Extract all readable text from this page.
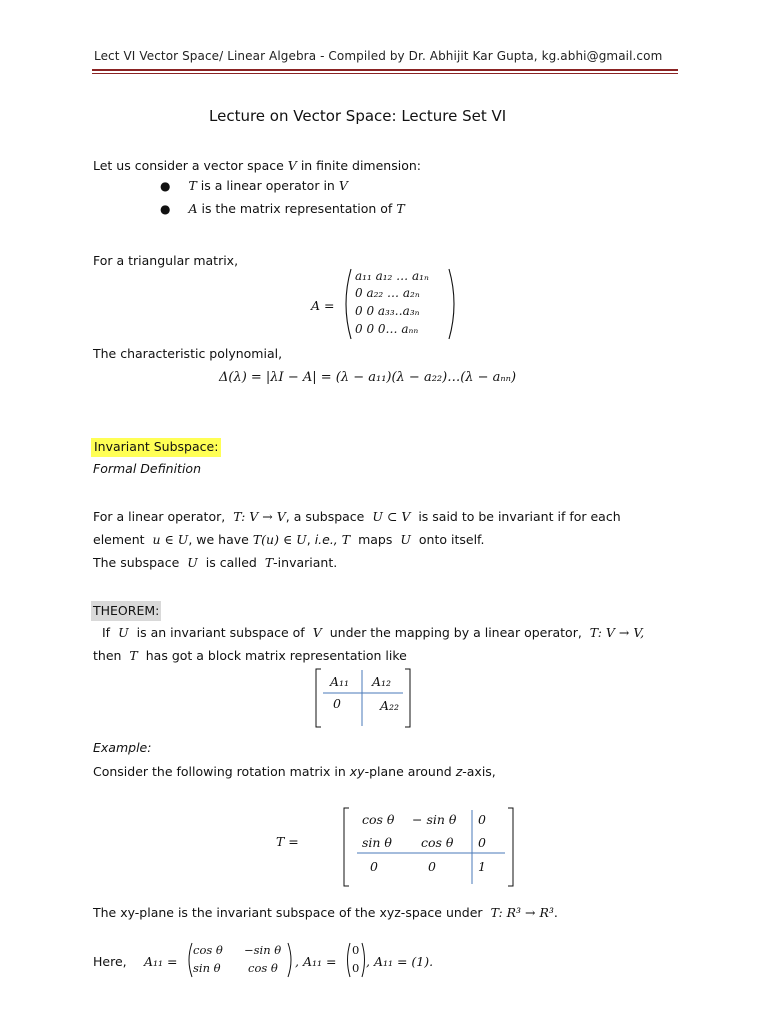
Lect VI Vector Space/ Linear Algebra - Compiled by Dr. Abhijit Kar Gupta, kg.abhi@gmail.com
Lecture on Vector Space: Lecture Set VI
Let us consider a vector space V in finite dimension:
● T is a linear operator in V
● A is the matrix representation of T
For a triangular matrix,
A =
a₁₁ a₁₂ … a₁ₙ
0 a₂₂ … a₂ₙ
0 0 a₃₃‥a₃ₙ
0 0 0… aₙₙ
The characteristic polynomial,
Δ(λ) = |λI − A| = (λ − a₁₁)(λ − a₂₂)…(λ − aₙₙ)
Invariant Subspace:
Formal Definition
For a linear operator, T: V → V, a subspace U ⊂ V is said to be invariant if for each
element u ∈ U, we have T(u) ∈ U, i.e., T maps U onto itself.
The subspace U is called T-invariant.
THEOREM:
If U is an invariant subspace of V under the mapping by a linear operator, T: V → V,
then T has got a block matrix representation like
A₁₁ A₁₂
0	A₂₂
Example:
Consider the following rotation matrix in xy-plane around z-axis,
T =
cos θ − sin θ 0
sin θ cos θ 0
0	0	1
The xy-plane is the invariant subspace of the xyz-space under T: R³ → R³.
Here, A₁₁ =
cos θ −sin θ
sin θ cos θ , A₁₁ =
0
0 , A₁₁ = (1).
